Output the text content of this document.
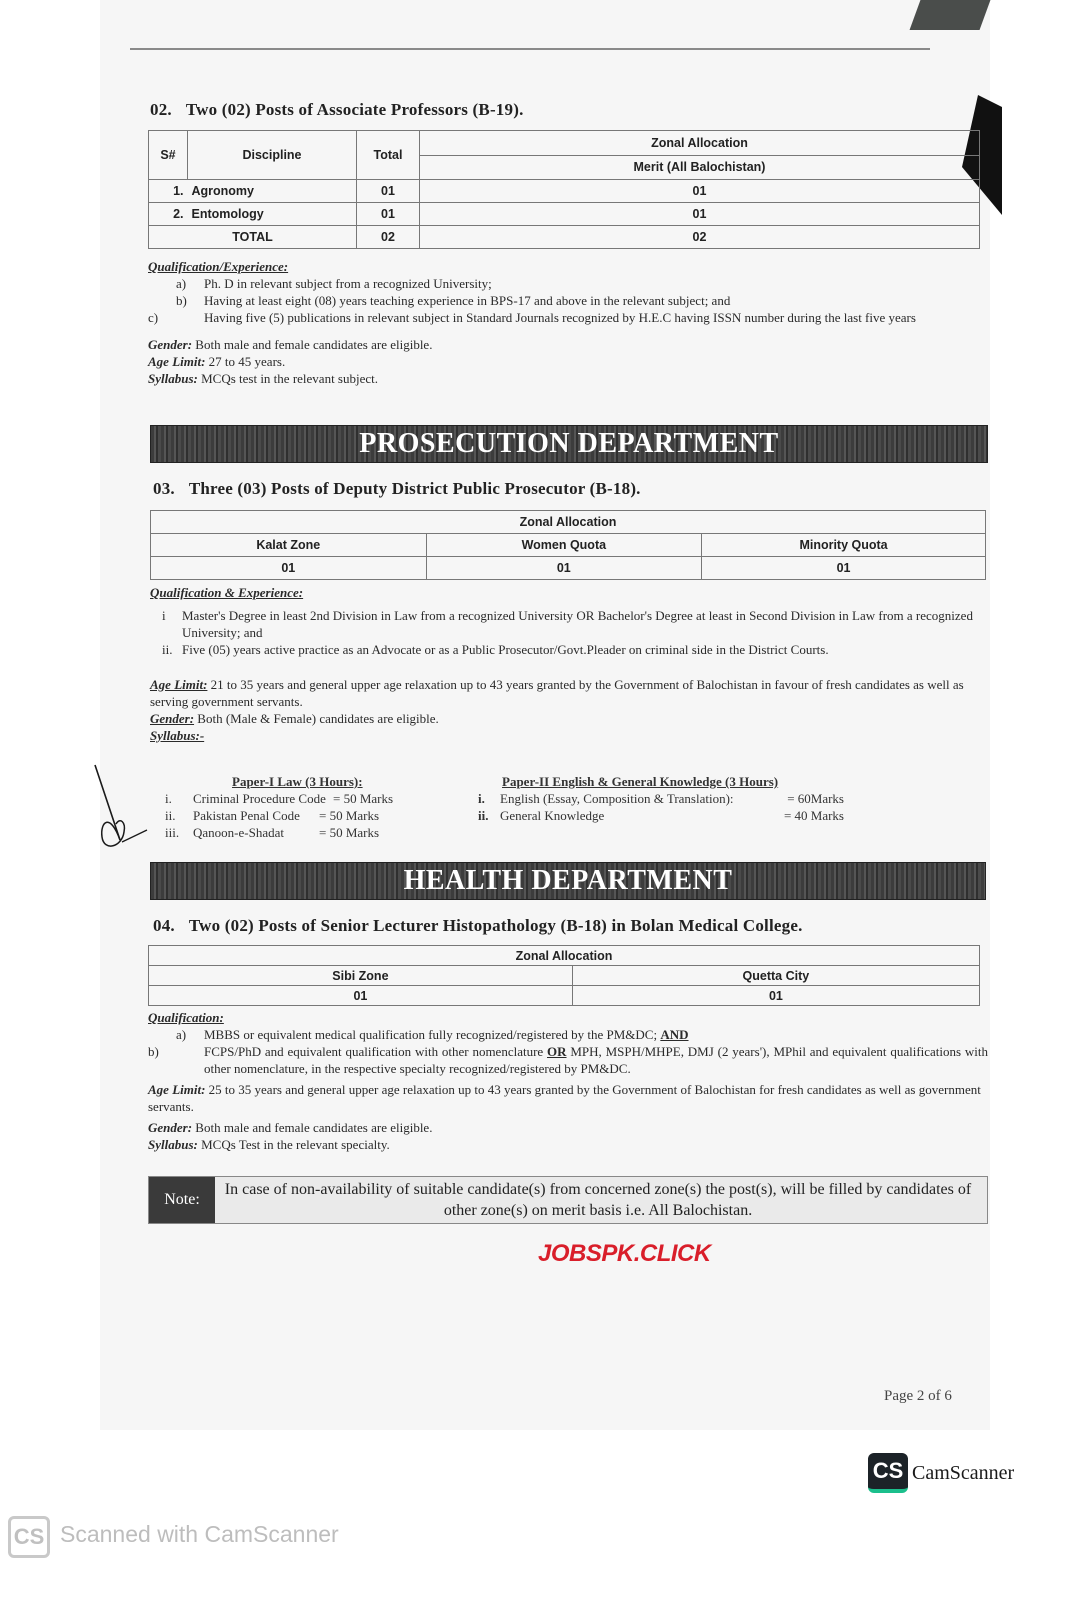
02. Two (02) Posts of Associate Professors (B-19).
S#	Discipline	Total	Zonal Allocation
			Merit (All Balochistan)
1.	Agronomy	01	01
2.	Entomology	01	01
TOTAL		02	02
Qualification/Experience:
a) Ph. D in relevant subject from a recognized University;
b) Having at least eight (08) years teaching experience in BPS-17 and above in the relevant subject; and
c)	Having five (5) publications in relevant subject in Standard Journals recognized by H.E.C having ISSN number during the last five years
Gender: Both male and female candidates are eligible.
Age Limit: 27 to 45 years.
Syllabus: MCQs test in the relevant subject.
PROSECUTION DEPARTMENT
03. Three (03) Posts of Deputy District Public Prosecutor (B-18).
Zonal Allocation		
Kalat Zone	Women Quota	Minority Quota
01	01	01
Qualification & Experience:
i Master's Degree in least 2nd Division in Law from a recognized University OR Bachelor's Degree at least in Second Division in Law from a recognized University; and
ii. Five (05) years active practice as an Advocate or as a Public Prosecutor/Govt.Pleader on criminal side in the District Courts.
Age Limit: 21 to 35 years and general upper age relaxation up to 43 years granted by the Government of Balochistan in favour of fresh candidates as well as serving government servants.
Gender: Both (Male & Female) candidates are eligible.
Syllabus:-
Paper-I Law (3 Hours):
i. Criminal Procedure Code = 50 Marks
ii. Pakistan Penal Code = 50 Marks
iii. Qanoon-e-Shadat	= 50 Marks
Paper-II English & General Knowledge (3 Hours)
i.	English (Essay, Composition & Translation):	= 60Marks
ii. General Knowledge	= 40 Marks
HEALTH DEPARTMENT
04. Two (02) Posts of Senior Lecturer Histopathology (B-18) in Bolan Medical College.
Zonal Allocation	
Sibi Zone	Quetta City
01	01
Qualification:
a) MBBS or equivalent medical qualification fully recognized/registered by the PM&DC; AND
b)	FCPS/PhD and equivalent qualification with other nomenclature OR MPH, MSPH/MHPE, DMJ (2 years'), MPhil and equivalent qualifications with other nomenclature, in the respective specialty recognized/registered by PM&DC.
Age Limit: 25 to 35 years and general upper age relaxation up to 43 years granted by the Government of Balochistan for fresh candidates as well as government servants.
Gender: Both male and female candidates are eligible.
Syllabus: MCQs Test in the relevant specialty.
Note:
In case of non-availability of suitable candidate(s) from concerned zone(s) the post(s), will be filled by candidates of other zone(s) on merit basis i.e. All Balochistan.
JOBSPK.CLICK
Page 2 of 6
CS CamScanner
CS Scanned with CamScanner
